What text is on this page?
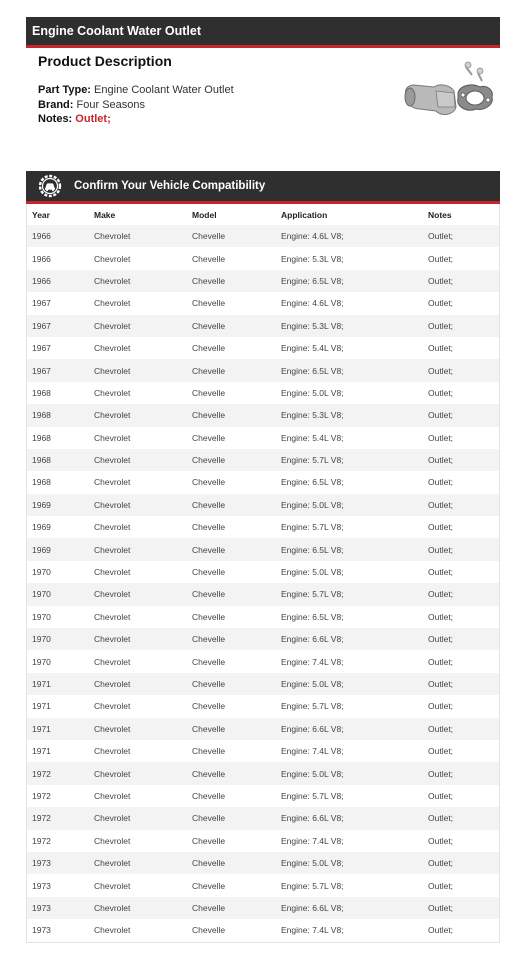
Engine Coolant Water Outlet
Product Description
Part Type: Engine Coolant Water Outlet
Brand: Four Seasons
Notes: Outlet;
Confirm Your Vehicle Compatibility
Year	Make	Model	Application	Notes
1966	Chevrolet	Chevelle	Engine: 4.6L V8;	Outlet;
1966	Chevrolet	Chevelle	Engine: 5.3L V8;	Outlet;
1966	Chevrolet	Chevelle	Engine: 6.5L V8;	Outlet;
1967	Chevrolet	Chevelle	Engine: 4.6L V8;	Outlet;
1967	Chevrolet	Chevelle	Engine: 5.3L V8;	Outlet;
1967	Chevrolet	Chevelle	Engine: 5.4L V8;	Outlet;
1967	Chevrolet	Chevelle	Engine: 6.5L V8;	Outlet;
1968	Chevrolet	Chevelle	Engine: 5.0L V8;	Outlet;
1968	Chevrolet	Chevelle	Engine: 5.3L V8;	Outlet;
1968	Chevrolet	Chevelle	Engine: 5.4L V8;	Outlet;
1968	Chevrolet	Chevelle	Engine: 5.7L V8;	Outlet;
1968	Chevrolet	Chevelle	Engine: 6.5L V8;	Outlet;
1969	Chevrolet	Chevelle	Engine: 5.0L V8;	Outlet;
1969	Chevrolet	Chevelle	Engine: 5.7L V8;	Outlet;
1969	Chevrolet	Chevelle	Engine: 6.5L V8;	Outlet;
1970	Chevrolet	Chevelle	Engine: 5.0L V8;	Outlet;
1970	Chevrolet	Chevelle	Engine: 5.7L V8;	Outlet;
1970	Chevrolet	Chevelle	Engine: 6.5L V8;	Outlet;
1970	Chevrolet	Chevelle	Engine: 6.6L V8;	Outlet;
1970	Chevrolet	Chevelle	Engine: 7.4L V8;	Outlet;
1971	Chevrolet	Chevelle	Engine: 5.0L V8;	Outlet;
1971	Chevrolet	Chevelle	Engine: 5.7L V8;	Outlet;
1971	Chevrolet	Chevelle	Engine: 6.6L V8;	Outlet;
1971	Chevrolet	Chevelle	Engine: 7.4L V8;	Outlet;
1972	Chevrolet	Chevelle	Engine: 5.0L V8;	Outlet;
1972	Chevrolet	Chevelle	Engine: 5.7L V8;	Outlet;
1972	Chevrolet	Chevelle	Engine: 6.6L V8;	Outlet;
1972	Chevrolet	Chevelle	Engine: 7.4L V8;	Outlet;
1973	Chevrolet	Chevelle	Engine: 5.0L V8;	Outlet;
1973	Chevrolet	Chevelle	Engine: 5.7L V8;	Outlet;
1973	Chevrolet	Chevelle	Engine: 6.6L V8;	Outlet;
1973	Chevrolet	Chevelle	Engine: 7.4L V8;	Outlet;
